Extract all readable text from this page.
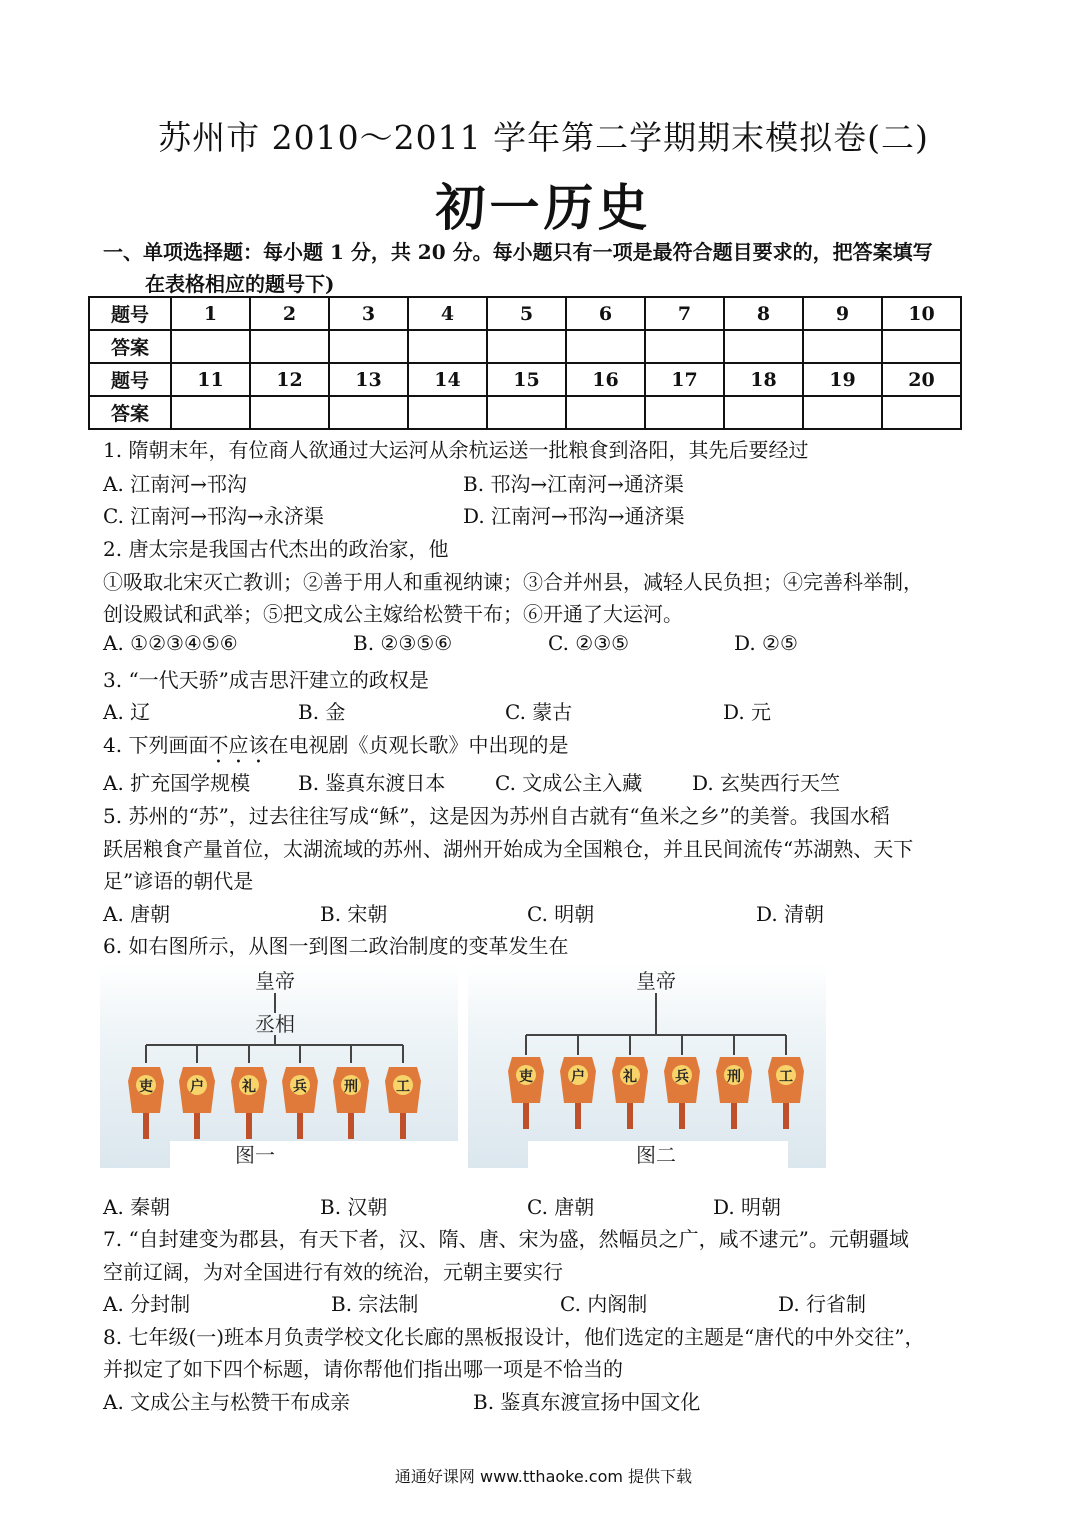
苏州市 2010～2011 学年第二学期期末模拟卷(二)
初一历史
一、单项选择题：每小题 1 分，共 20 分。每小题只有一项是最符合题目要求的，把答案填写
在表格相应的题号下)
题号	1	2	3	4	5	6	7	8	9	10
答案										
题号	11	12	13	14	15	16	17	18	19	20
答案										
1. 隋朝末年，有位商人欲通过大运河从余杭运送一批粮食到洛阳，其先后要经过
A. 江南河→邗沟	B. 邗沟→江南河→通济渠
C. 江南河→邗沟→永济渠	D. 江南河→邗沟→通济渠
2. 唐太宗是我国古代杰出的政治家，他
①吸取北宋灭亡教训；②善于用人和重视纳谏；③合并州县，减轻人民负担；④完善科举制，
创设殿试和武举；⑤把文成公主嫁给松赞干布；⑥开通了大运河。
A. ①②③④⑤⑥	B. ②③⑤⑥	C. ②③⑤	D. ②⑤
3. “一代天骄”成吉思汗建立的政权是
A. 辽	B. 金	C. 蒙古	D. 元
4. 下列画面不应该在电视剧《贞观长歌》中出现的是
A. 扩充国学规模 B. 鉴真东渡日本 C. 文成公主入藏 D. 玄奘西行天竺
5. 苏州的“苏”，过去往往写成“稣”，这是因为苏州自古就有“鱼米之乡”的美誉。我国水稻
跃居粮食产量首位，太湖流域的苏州、湖州开始成为全国粮仓，并且民间流传“苏湖熟、天下
足”谚语的朝代是
A. 唐朝	B. 宋朝	C. 明朝	D. 清朝
6. 如右图所示，从图一到图二政治制度的变革发生在
皇帝
丞相
吏	户	礼	兵	刑	工
图一
皇帝
吏	户	礼	兵	刑	工
图二
A. 秦朝	B. 汉朝	C. 唐朝	D. 明朝
7. “自封建变为郡县，有天下者，汉、隋、唐、宋为盛，然幅员之广，咸不逮元”。元朝疆域
空前辽阔，为对全国进行有效的统治，元朝主要实行
A. 分封制	B. 宗法制	C. 内阁制	D. 行省制
8. 七年级(一)班本月负责学校文化长廊的黑板报设计，他们选定的主题是“唐代的中外交往”，
并拟定了如下四个标题，请你帮他们指出哪一项是不恰当的
A. 文成公主与松赞干布成亲	B. 鉴真东渡宣扬中国文化
通通好课网 www.tthaoke.com 提供下载
